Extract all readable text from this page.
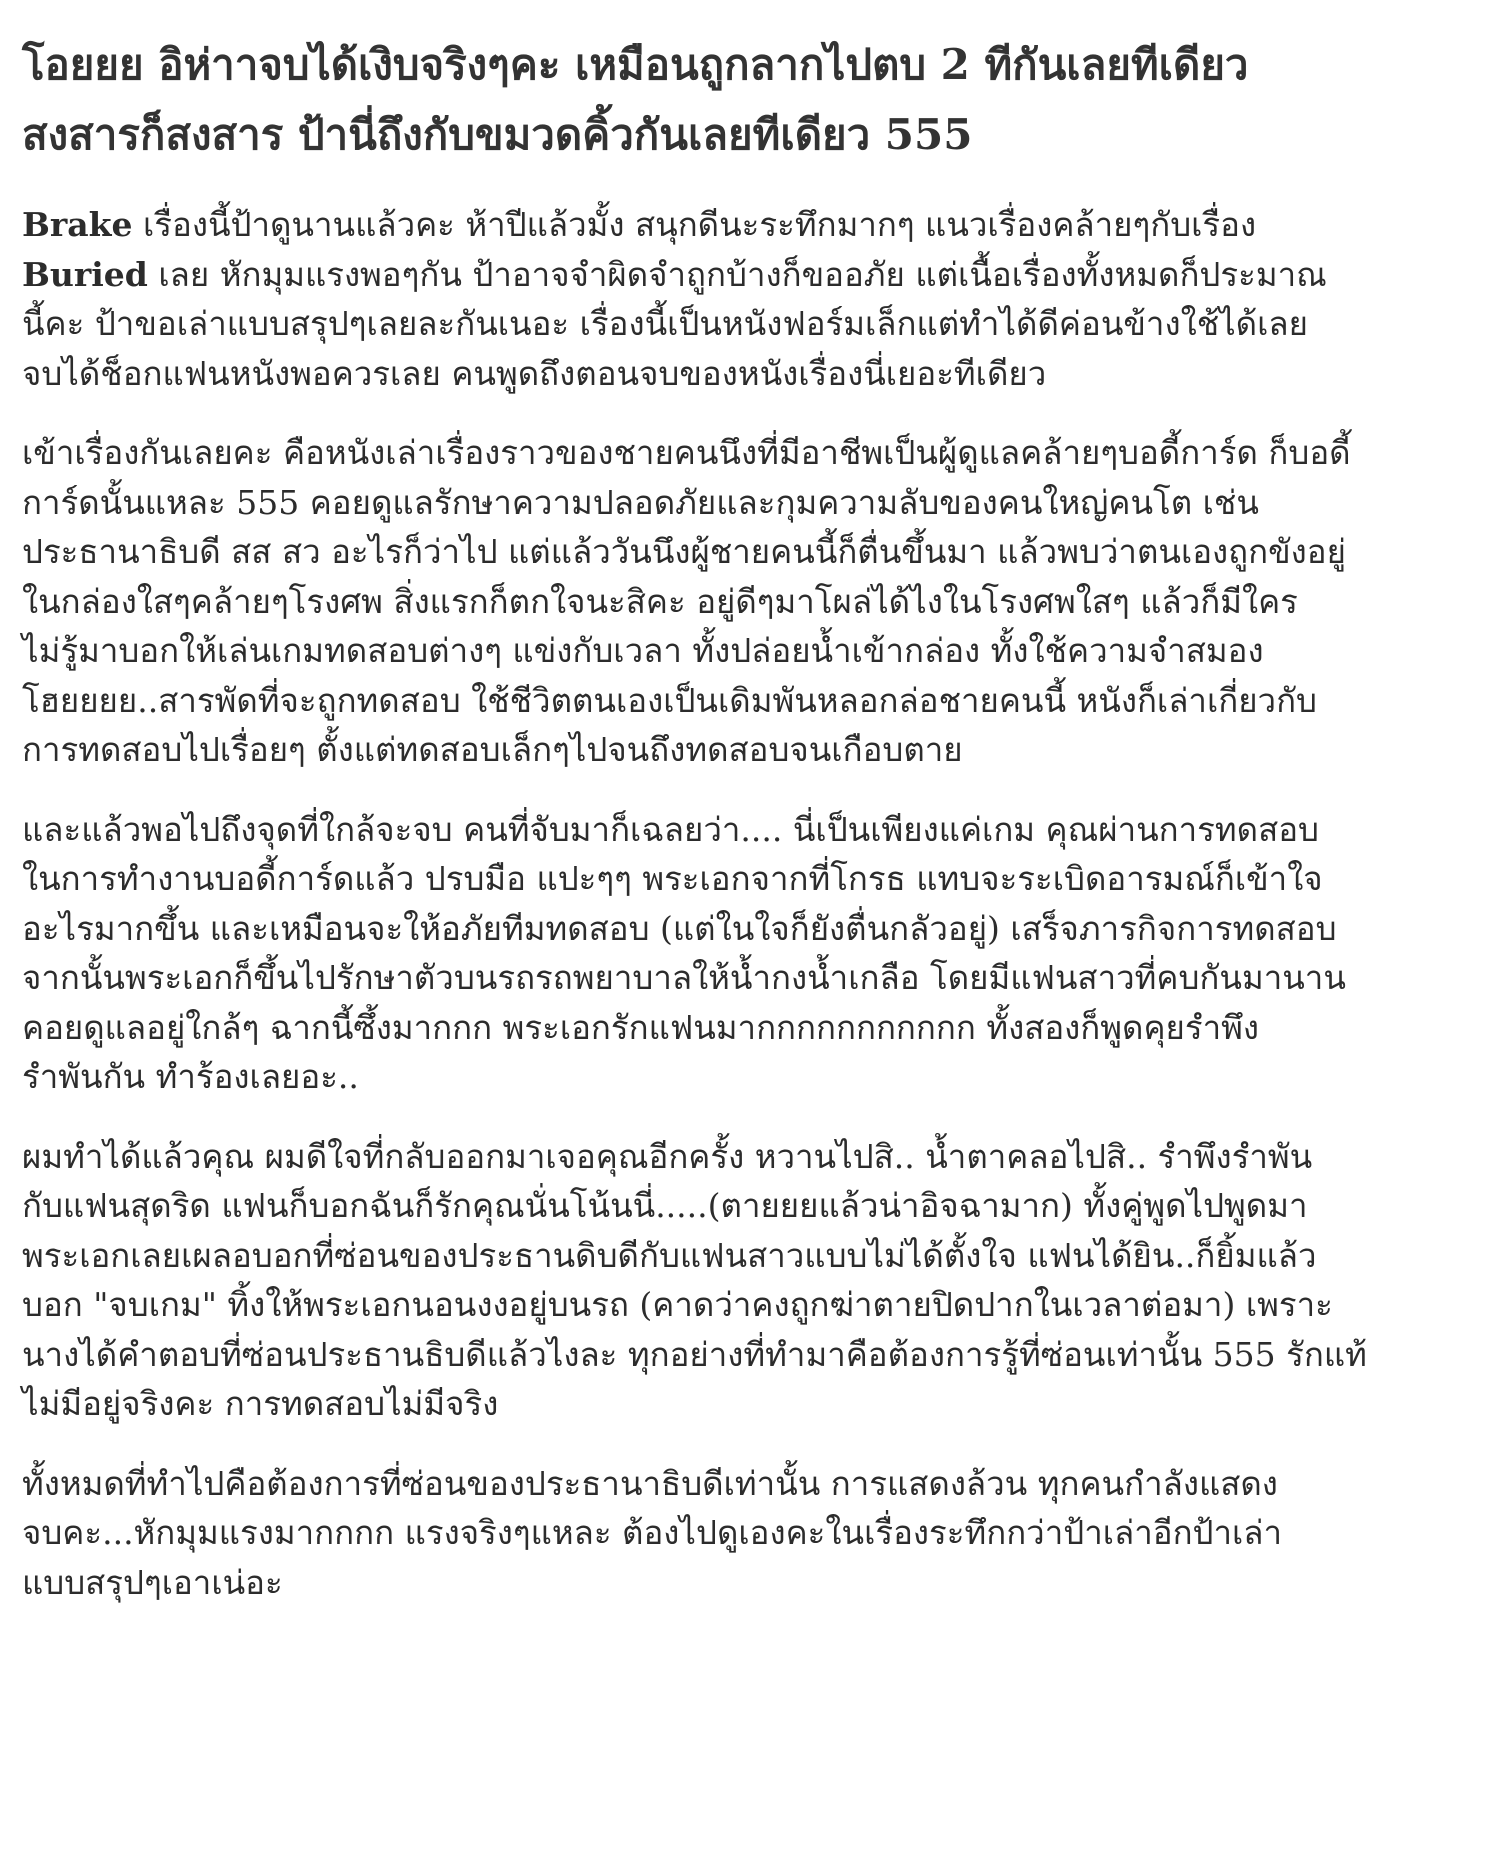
โอยยย อิห่าาจบได้เงิบจริงๆคะ เหมือนถูกลากไปตบ 2 ทีกันเลยทีเดียว
สงสารก็สงสาร ป้านี่ถึงกับขมวดคิ้วกันเลยทีเดียว 555

Brake เรื่องนี้ป้าดูนานแล้วคะ ห้าปีแล้วมั้ง สนุกดีนะระทึกมากๆ แนวเรื่องคล้ายๆกับเรื่อง
Buried เลย หักมุมแรงพอๆกัน ป้าอาจจำผิดจำถูกบ้างก็ขออภัย แต่เนื้อเรื่องทั้งหมดก็ประมาณ
นี้คะ ป้าขอเล่าแบบสรุปๆเลยละกันเนอะ เรื่องนี้เป็นหนังฟอร์มเล็กแต่ทำได้ดีค่อนข้างใช้ได้เลย
จบได้ช็อกแฟนหนังพอควรเลย คนพูดถึงตอนจบของหนังเรื่องนี่เยอะทีเดียว

เข้าเรื่องกันเลยคะ คือหนังเล่าเรื่องราวของชายคนนึงที่มีอาชีพเป็นผู้ดูแลคล้ายๆบอดี้การ์ด ก็บอดี้
การ์ดนั้นแหละ 555 คอยดูแลรักษาความปลอดภัยและกุมความลับของคนใหญ่คนโต เช่น
ประธานาธิบดี สส สว อะไรก็ว่าไป แต่แล้ววันนึงผู้ชายคนนี้ก็ตื่นขึ้นมา แล้วพบว่าตนเองถูกขังอยู่
ในกล่องใสๆคล้ายๆโรงศพ สิ่งแรกก็ตกใจนะสิคะ อยู่ดีๆมาโผล่ได้ไงในโรงศพใสๆ แล้วก็มีใคร
ไม่รู้มาบอกให้เล่นเกมทดสอบต่างๆ แข่งกับเวลา ทั้งปล่อยน้ำเข้ากล่อง ทั้งใช้ความจำสมอง
โฮยยยย..สารพัดที่จะถูกทดสอบ ใช้ชีวิตตนเองเป็นเดิมพันหลอกล่อชายคนนี้ หนังก็เล่าเกี่ยวกับ
การทดสอบไปเรื่อยๆ ตั้งแต่ทดสอบเล็กๆไปจนถึงทดสอบจนเกือบตาย

และแล้วพอไปถึงจุดที่ใกล้จะจบ คนที่จับมาก็เฉลยว่า.... นี่เป็นเพียงแค่เกม คุณผ่านการทดสอบ
ในการทำงานบอดี้การ์ดแล้ว ปรบมือ แปะๆๆ พระเอกจากที่โกรธ แทบจะระเบิดอารมณ์ก็เข้าใจ
อะไรมากขึ้น และเหมือนจะให้อภัยทีมทดสอบ (แต่ในใจก็ยังตื่นกลัวอยู่) เสร็จภารกิจการทดสอบ
จากนั้นพระเอกก็ขึ้นไปรักษาตัวบนรถรถพยาบาลให้น้ำกงน้ำเกลือ โดยมีแฟนสาวที่คบกันมานาน
คอยดูแลอยู่ใกล้ๆ ฉากนี้ซึ้งมากกก พระเอกรักแฟนมากกกกกกกกกกก ทั้งสองก็พูดคุยรำพึง
รำพันกัน ทำร้องเลยอะ..

ผมทำได้แล้วคุณ ผมดีใจที่กลับออกมาเจอคุณอีกครั้ง หวานไปสิ.. น้ำตาคลอไปสิ.. รำพึงรำพัน
กับแฟนสุดริด แฟนก็บอกฉันก็รักคุณนั่นโน้นนี่.....(ตายยยแล้วน่าอิจฉามาก) ทั้งคู่พูดไปพูดมา
พระเอกเลยเผลอบอกที่ซ่อนของประธานดิบดีกับแฟนสาวแบบไม่ได้ตั้งใจ แฟนได้ยิน..ก็ยิ้มแล้ว
บอก "จบเกม" ทิ้งให้พระเอกนอนงงอยู่บนรถ (คาดว่าคงถูกฆ่าตายปิดปากในเวลาต่อมา) เพราะ
นางได้คำตอบที่ซ่อนประธานธิบดีแล้วไงละ ทุกอย่างที่ทำมาคือต้องการรู้ที่ซ่อนเท่านั้น 555 รักแท้
ไม่มีอยู่จริงคะ การทดสอบไม่มีจริง

ทั้งหมดที่ทำไปคือต้องการที่ซ่อนของประธานาธิบดีเท่านั้น การแสดงล้วน ทุกคนกำลังแสดง
จบคะ...หักมุมแรงมากกกก แรงจริงๆแหละ ต้องไปดูเองคะในเรื่องระทึกกว่าป้าเล่าอีกป้าเล่า
แบบสรุปๆเอาเน่อะ
